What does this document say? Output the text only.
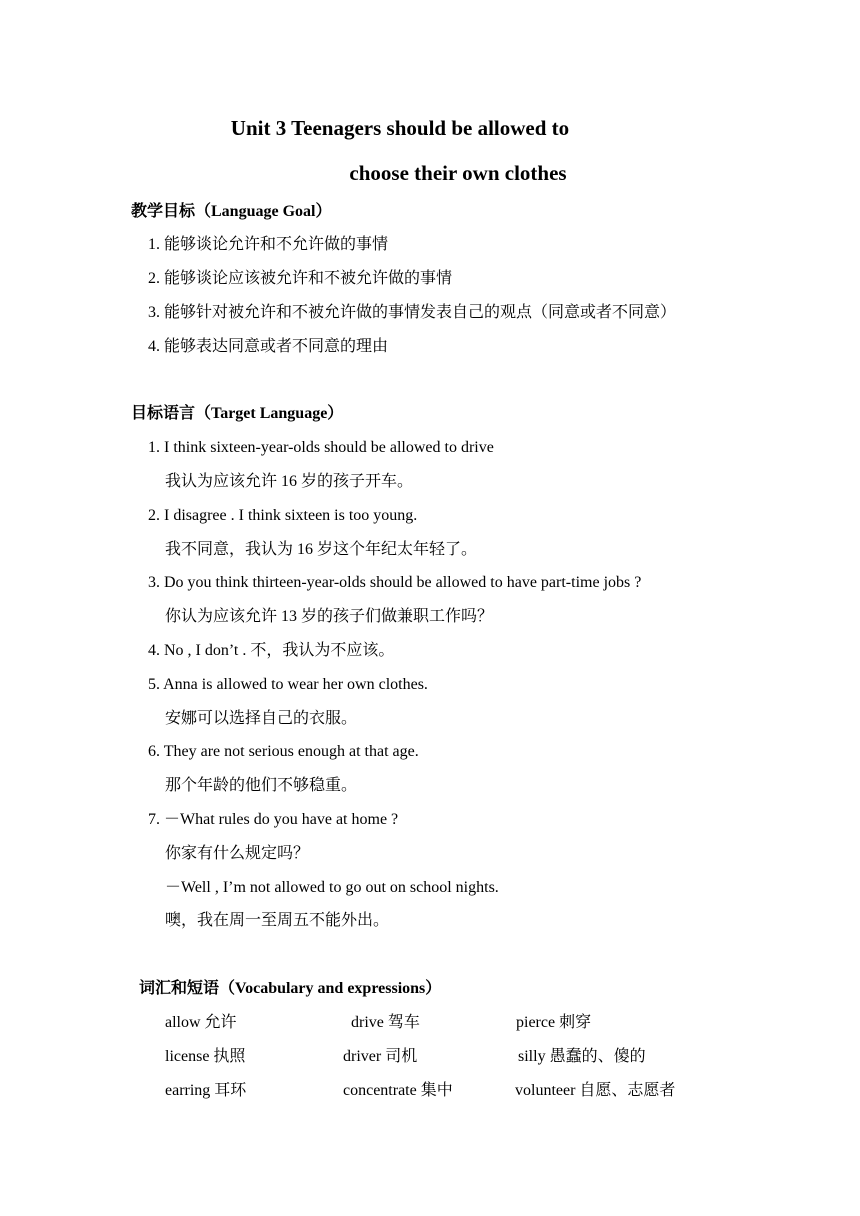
Unit 3 Teenagers should be allowed to
choose their own clothes
教学目标（Language Goal）
1. 能够谈论允许和不允许做的事情
2. 能够谈论应该被允许和不被允许做的事情
3. 能够针对被允许和不被允许做的事情发表自己的观点（同意或者不同意）
4. 能够表达同意或者不同意的理由
目标语言（Target Language）
1. I think sixteen-year-olds should be allowed to drive
我认为应该允许 16 岁的孩子开车。
2. I disagree . I think sixteen is too young.
我不同意，我认为 16 岁这个年纪太年轻了。
3. Do you think thirteen-year-olds should be allowed to have part-time jobs ?
你认为应该允许 13 岁的孩子们做兼职工作吗？
4. No , I don’t . 不，我认为不应该。
5. Anna is allowed to wear her own clothes.
安娜可以选择自己的衣服。
6. They are not serious enough at that age.
那个年龄的他们不够稳重。
7. －What rules do you have at home ?
你家有什么规定吗？
－Well , I’m not allowed to go out on school nights.
噢，我在周一至周五不能外出。
词汇和短语（Vocabulary and expressions）
allow 允许	drive 驾车	pierce 刺穿
license 执照	driver 司机	silly 愚蠢的、傻的
earring 耳环	concentrate 集中	volunteer 自愿、志愿者
